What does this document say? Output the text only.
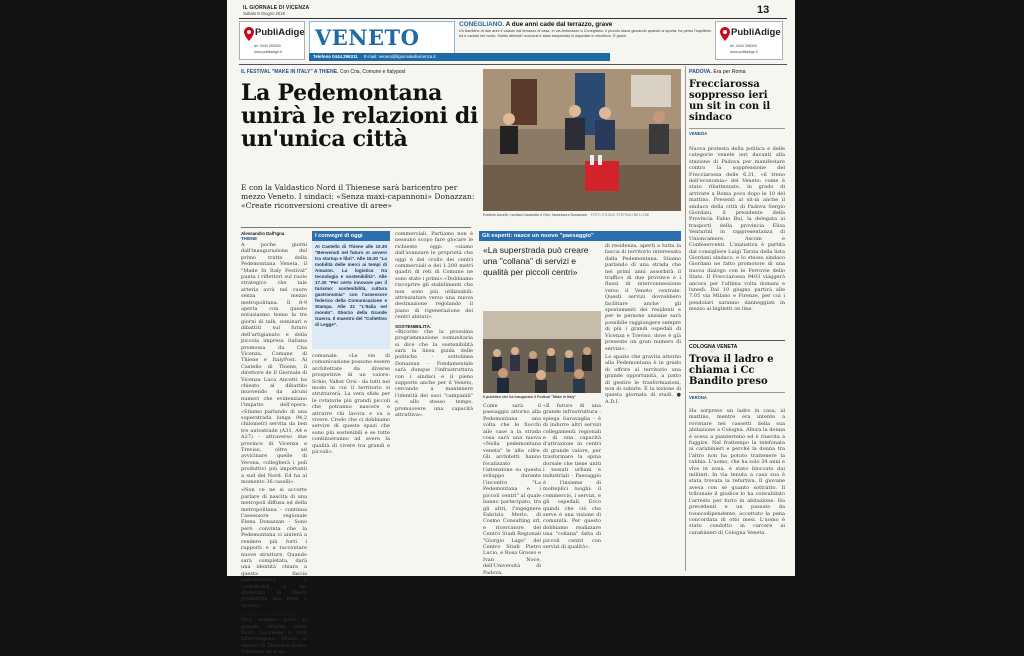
IL GIORNALE DI VICENZA
Sabato 8 Giugno 2019	13
PubliAdige
tel. 0444 396300
www.publiadige.it
VENETO
Telefono 0444.396311 E-mail: veneto@ilgiornaledivicenza.it
CONEGLIANO. A due anni cade dal terrazzo, grave
Un bambino di due anni è caduto dal terrazzo di casa, in via Antonazzo a Conegliano. Il piccolo stava giocando quando si sporta, ha perso l'equilibrio ed è caduto nel vuoto. Subito allertati i soccorsi è stato trasportato in ospedale in elicottero. È grave.	PubliAdige
tel. 0444 396300
www.publiadige.it
IL FESTIVAL "MAKE IN ITALY" A THIENE. Con Cna, Comune e Italypost
La Pedemontana unirà le relazioni di un'unica città
E con la Valdastico Nord il Thienese sarà baricentro per mezzo Veneto. I sindaci: «Senza maxi-capannoni» Donazzan: «Create riconversioni creative di aree»
Roberto Ancetti, i sindaci Casarotto e Orsi, l'assessore Donazzan FOTO STUDIO STEFANO BELLONI
Alessandro Dall'Igna
THIENE
A poche giorni dall'inaugurazione del primo tratto della Pedemontana Veneta, il "Made In Italy Festival" punta i riflettori sul ruolo strategico che tale arteria avrà nel cuore senza mezzo metropolitana. Il 8-9 aperta con questo entusiasmo tenne la tre giorni di talk, seminari e dibattiti sul futuro dell'artigianato e della piccola impresa italiana promossa da Cna Vicenza, Comune di Thiene e ItalyPost. Al Castello di Thiene, il direttore de Il Giornale di Vicenza Luca Ancetti ha chiesto al dibattito muovendo da alcuni numeri che evidenziano l'impatto dell'opera: «Stiamo parlando di una superstrada lunga 94,2 chilometri servita da ben tre autostrade (A31, A4 e A27) - attraverso due province di Vicenza e Treviso, oltre ad avvicinare quelle di Verona, collegherà i poli produttivi più importanti a sud del Nord. Ed ha al momento 36 caselli».
«Non ce ne si accorte parlare di nascita di una metropoli diffusa ed della metropolitana - continua l'assessore regionale Elena Donazzan - Sono però convinta che la Pedemontana ci aiuterà a rendere più forti i rapporti e a raccontare nuove strutture. Quando sarà completata, darà una identità chiara a questa fascia pedemontana, e contribuirà a far diventare la filiera produttiva più forte e vicina».
VICENZA O LONTANANZA?
Non sempre però la grande riforma viene fuori. Lucchese e tutti intervengono. Grazie ai sindaci di Thiene e Schio-Valdagno ne è un
I convegni di oggi
AI Castello di Thiene alle 10.30 "Benvenuti nel futuro or avvero tra startup e libri". Alle 15.30 "La mobilità delle merci ai tempi di Amazon. La logistica tra tecnologia e sostenibilità". Alle 17.30 "Per certo innovare per il turismo: sostenibilità, cultura gastronomia" con l'assessore federico della Comunicazione e Stampa. Alle 21 "L'Italia nel mondo". Sborzo della Grande Guerra. Il maestro del "Collettivo di Legge".
comunale. «Le vie di comunicazione possono essere architettate da diverse prospettive di un valore: Schio, Valter Orsi - da tutti nel modo in cui il territorio si strutturerà. La vera sfida per le rotatorie più grandi piccoli che potranno nascere e attrarre chi lavora e va a vivere. Credo che ci dobbiamo servire di queste spazi che sono più sostenibili e se tutte continueranno ad avere la qualità di vivere tra grandi e piccoli».
commerciali. Partiamo non è nessuno scopo fare giocare le richieste oggi: «siamo dall'avanzare le proprietà che oggi è del crollo dei centri commerciali e dei 1.200 metri quadri di reti di Comune ne sono state i primi».«Dobbiamo riscoprire gli stabilimenti che non sono più utilizzabili: attrezzature verso una nuova destinazione regolando il piano di rigenerazione dei centri abitati».
SOSTENIBILITÀ.
«Ricordo che la prossima programmazione comunitaria si dice che la sostenibilità sarà la linea guida delle politiche - sottolinea Donazzan - Fondamentale sarà dunque l'infrastruttura con i sindaci e il pieno supporto anche per il Veneto, cercando a mantenere l'identità dei suoi "campanili" e, allo stesso tempo, promuovere una capacità attrattiva».
Gli esperti: nasce un nuovo "paesaggio"
«La superstrada può creare una "collana" di servizi e qualità per piccoli centri»
di residenza, aperti a tutta la fascia di territorio interessata dalla Pedemontana. Stiamo parlando di una strada che nei primi anni assorbirà il traffico di due province e i flussi di interconnessione verso il Veneto centrale. Questi servizi dovrebbero facilitare anche gli spostamenti dei residenti e per le persone anziane sarà possibile raggiungere sempre di più i grandi ospedali di Vicenza e Treviso, dove è già presente un gran numero di servizi».
Lo spazio che gravita attorno alla Pedemontana è in grado di offrire al territorio una grande opportunità, a patto di gestire le trasformazioni, non di subirle. È la lezione di questa giornata di studi. ● A.D.I.
Il pubblico che ha inaugurato il Festival "Make in Italy"
Come sarà il paesaggio attorno alla Pedemontana una volta che le fiocchi alle case a la strada cosa sarà una nuova «Nella pedemontana veneta" le alte cifre. Gli architetti hanno focalizzato l'attenzione su questa sviluppo durante l'incontro "La Pedemontana e i piccoli centri" al quale hanno partecipato, tra gli altri, l'ingegnere Fabrizio Merlo, di Cosmo Consulting srl, e ricercatore del Centro Studi Regionali "Giorgio Lago" del Centro Studi Pietro Lucio, e Rosa Grosso e Ivan Noce, dell'Università di Padova.
«Il futuro di una grande infrastruttura - spiega Garavaglia - è di indurre altri servizi collegamenti regionali e di una capacità d'attrazione in centri di grande valore, per trasformare la spina dorsale che tiene uniti i tessuti urbani e industriali - Paesaggio è l'insieme di molteplici luoghi: il commercio, i servizi, e gli ospedali. Ecco quindi che ciò che serve è una visione di comunità. Per questo dobbiamo realizzare una "collana" fatta di piccoli centri con servizi di qualità».
PADOVA. Era per Roma
Frecciarossa soppresso ieri un sit in con il sindaco
VENEZIA
Nuova protesta della politica e delle categorie venete ieri davanti alla stazione di Padova per manifestare contro la soppressione del Frecciarossa delle 6.31, «il treno dell'economia» del Veneto: come è stato ribattezzato, in grado di arrivare a Roma poco dopo le 10 del mattino. Presenti al sit-in anche il sindaco della città di Padova Sergio Giordani, il presidente della Provincia Fabio Bui, la delegata ai trasporti della provincia Elisa Venturini in rappresentanza di Unioncamere, Ascom e Confesercenti. L'iniziativa è partita dal consigliere Luigi Tarzia della lista Giordani sindaco, e lo stesso sindaco Giordani ne fatto promotore di una nuova dialogo con le Ferrovie dello Stato. Il Frecciarossa 9403 viaggerà ancora per l'ultima volta domani e lunedì. Dal 10 giugno partirà alle 7.05 via Milano e Firenze, per cui i pendolari saranno danneggiati in mezzo ai biglietti on line.
COLOGNA VENETA
Trova il ladro e chiama i Cc Bandito preso
VERONA
Ha sorpreso un ladro in casa, al mattino, mentre era intento a rovistare nei cassetti della sua abitazione a Cologna. Allora la donna è scesa a pianterreno ed è riuscita a fuggire. Nel frattempo la telefonata ai carabinieri e perché la donna tra l'altro non ha potuto trattenere la rabbia. L'uomo, che ha solo 34 anni e vive in zona, è stato bloccato dai militari. In via tenuta a casa sua è stata trovata la refurtiva. Il giovane aveva con sé quanto sottratto. Il tribunale il giudice lo ha convalidato l'arresto per furto in abitazione. Ha precedenti e un passato da tossicodipendente, accettato la pena concordata di otto mesi. L'uomo è stato condotto in carcere ai carabinieri di Cologna Veneta.
